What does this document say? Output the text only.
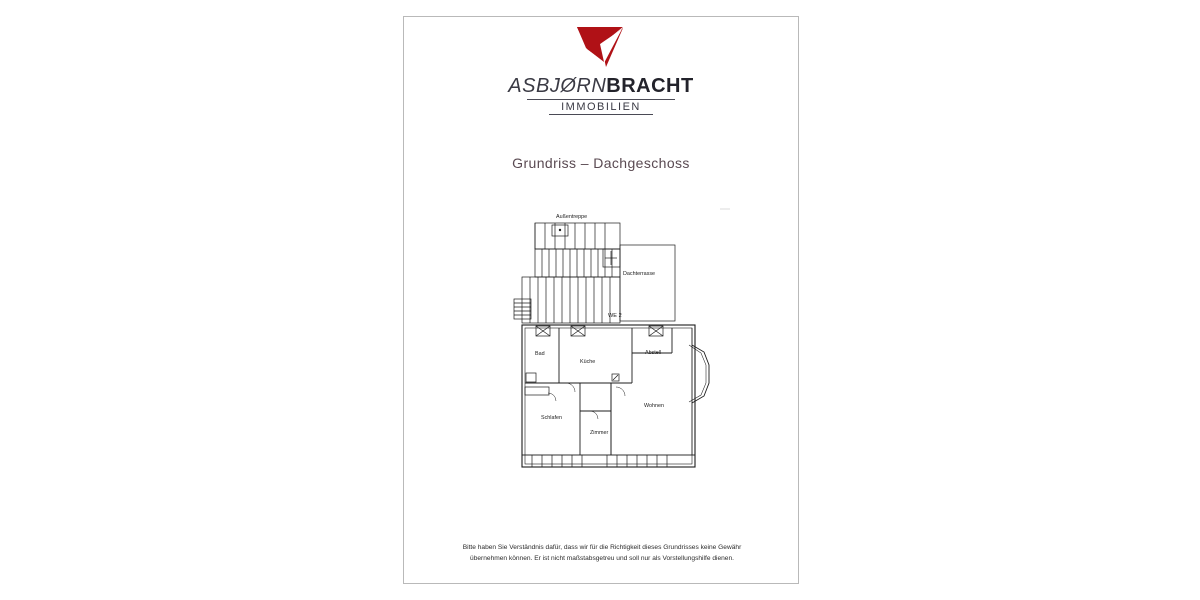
ASBJØRNBRACHT
IMMOBILIEN
Grundriss – Dachgeschoss
Außentreppe
Dachterrasse
WE 2
Bad
Küche
Abstell
Wohnen
Schlafen
Zimmer
Bitte haben Sie Verständnis dafür, dass wir für die Richtigkeit dieses Grundrisses keine Gewähr
übernehmen können. Er ist nicht maßstabsgetreu und soll nur als Vorstellungshilfe dienen.
